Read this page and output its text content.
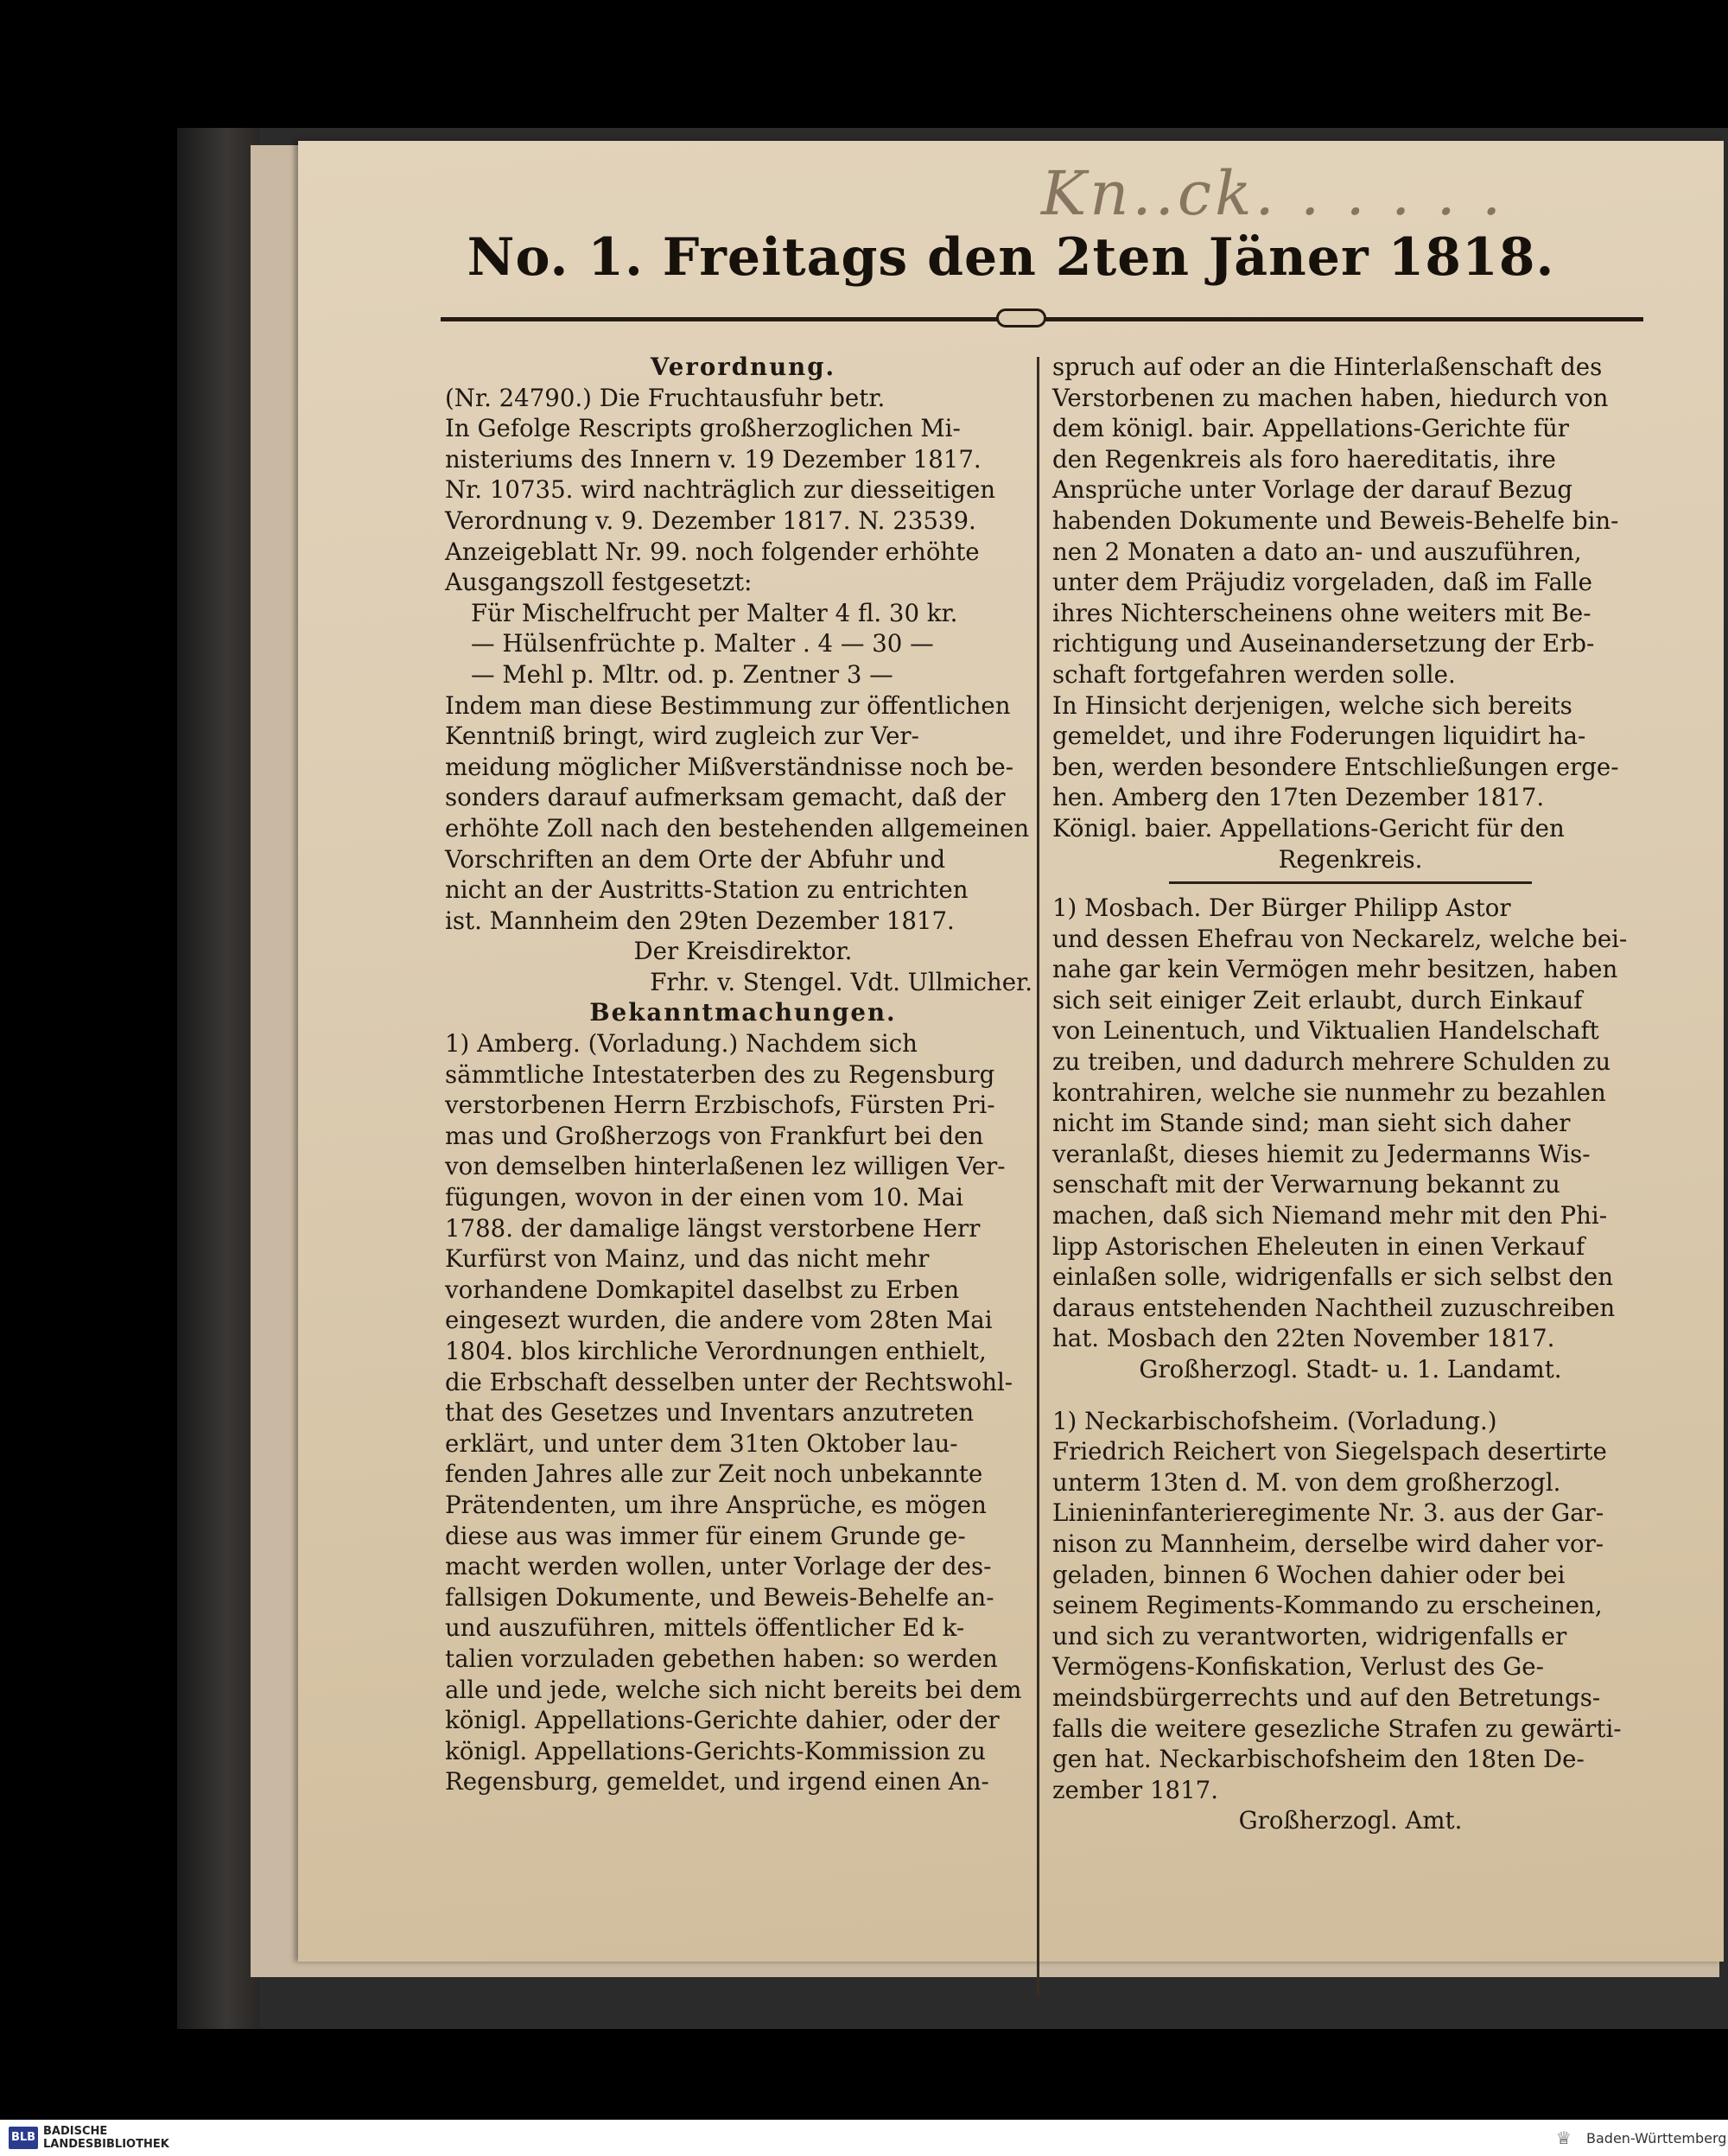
Kn..ck. . . . . .
No. 1. Freitags den 2ten Jäner 1818.
Verordnung.
(Nr. 24790.) Die Fruchtausfuhr betr.
In Gefolge Rescripts großherzoglichen Mi-
nisteriums des Innern v. 19 Dezember 1817.
Nr. 10735. wird nachträglich zur diesseitigen
Verordnung v. 9. Dezember 1817. N. 23539.
Anzeigeblatt Nr. 99. noch folgender erhöhte
Ausgangszoll festgesetzt:
Für Mischelfrucht per Malter 4 fl. 30 kr.
— Hülsenfrüchte p. Malter . 4 — 30 —
— Mehl p. Mltr. od. p. Zentner 3 —
Indem man diese Bestimmung zur öffentlichen
Kenntniß bringt, wird zugleich zur Ver-
meidung möglicher Mißverständnisse noch be-
sonders darauf aufmerksam gemacht, daß der
erhöhte Zoll nach den bestehenden allgemeinen
Vorschriften an dem Orte der Abfuhr und
nicht an der Austritts-Station zu entrichten
ist. Mannheim den 29ten Dezember 1817.
Der Kreisdirektor.
Frhr. v. Stengel. Vdt. Ullmicher.
Bekanntmachungen.
1) Amberg. (Vorladung.) Nachdem sich
sämmtliche Intestaterben des zu Regensburg
verstorbenen Herrn Erzbischofs, Fürsten Pri-
mas und Großherzogs von Frankfurt bei den
von demselben hinterlaßenen lez willigen Ver-
fügungen, wovon in der einen vom 10. Mai
1788. der damalige längst verstorbene Herr
Kurfürst von Mainz, und das nicht mehr
vorhandene Domkapitel daselbst zu Erben
eingesezt wurden, die andere vom 28ten Mai
1804. blos kirchliche Verordnungen enthielt,
die Erbschaft desselben unter der Rechtswohl-
that des Gesetzes und Inventars anzutreten
erklärt, und unter dem 31ten Oktober lau-
fenden Jahres alle zur Zeit noch unbekannte
Prätendenten, um ihre Ansprüche, es mögen
diese aus was immer für einem Grunde ge-
macht werden wollen, unter Vorlage der des-
fallsigen Dokumente, und Beweis-Behelfe an-
und auszuführen, mittels öffentlicher Ed k-
talien vorzuladen gebethen haben: so werden
alle und jede, welche sich nicht bereits bei dem
königl. Appellations-Gerichte dahier, oder der
königl. Appellations-Gerichts-Kommission zu
Regensburg, gemeldet, und irgend einen An-
spruch auf oder an die Hinterlaßenschaft des
Verstorbenen zu machen haben, hiedurch von
dem königl. bair. Appellations-Gerichte für
den Regenkreis als foro haereditatis, ihre
Ansprüche unter Vorlage der darauf Bezug
habenden Dokumente und Beweis-Behelfe bin-
nen 2 Monaten a dato an- und auszuführen,
unter dem Präjudiz vorgeladen, daß im Falle
ihres Nichterscheinens ohne weiters mit Be-
richtigung und Auseinandersetzung der Erb-
schaft fortgefahren werden solle.
In Hinsicht derjenigen, welche sich bereits
gemeldet, und ihre Foderungen liquidirt ha-
ben, werden besondere Entschließungen erge-
hen. Amberg den 17ten Dezember 1817.
Königl. baier. Appellations-Gericht für den
Regenkreis.
1) Mosbach. Der Bürger Philipp Astor
und dessen Ehefrau von Neckarelz, welche bei-
nahe gar kein Vermögen mehr besitzen, haben
sich seit einiger Zeit erlaubt, durch Einkauf
von Leinentuch, und Viktualien Handelschaft
zu treiben, und dadurch mehrere Schulden zu
kontrahiren, welche sie nunmehr zu bezahlen
nicht im Stande sind; man sieht sich daher
veranlaßt, dieses hiemit zu Jedermanns Wis-
senschaft mit der Verwarnung bekannt zu
machen, daß sich Niemand mehr mit den Phi-
lipp Astorischen Eheleuten in einen Verkauf
einlaßen solle, widrigenfalls er sich selbst den
daraus entstehenden Nachtheil zuzuschreiben
hat. Mosbach den 22ten November 1817.
Großherzogl. Stadt- u. 1. Landamt.
1) Neckarbischofsheim. (Vorladung.)
Friedrich Reichert von Siegelspach desertirte
unterm 13ten d. M. von dem großherzogl.
Linieninfanterieregimente Nr. 3. aus der Gar-
nison zu Mannheim, derselbe wird daher vor-
geladen, binnen 6 Wochen dahier oder bei
seinem Regiments-Kommando zu erscheinen,
und sich zu verantworten, widrigenfalls er
Vermögens-Konfiskation, Verlust des Ge-
meindsbürgerrechts und auf den Betretungs-
falls die weitere gesezliche Strafen zu gewärti-
gen hat. Neckarbischofsheim den 18ten De-
zember 1817.
Großherzogl. Amt.
BLB BADISCHE
LANDESBIBLIOTHEK	♕	Baden-Württemberg
